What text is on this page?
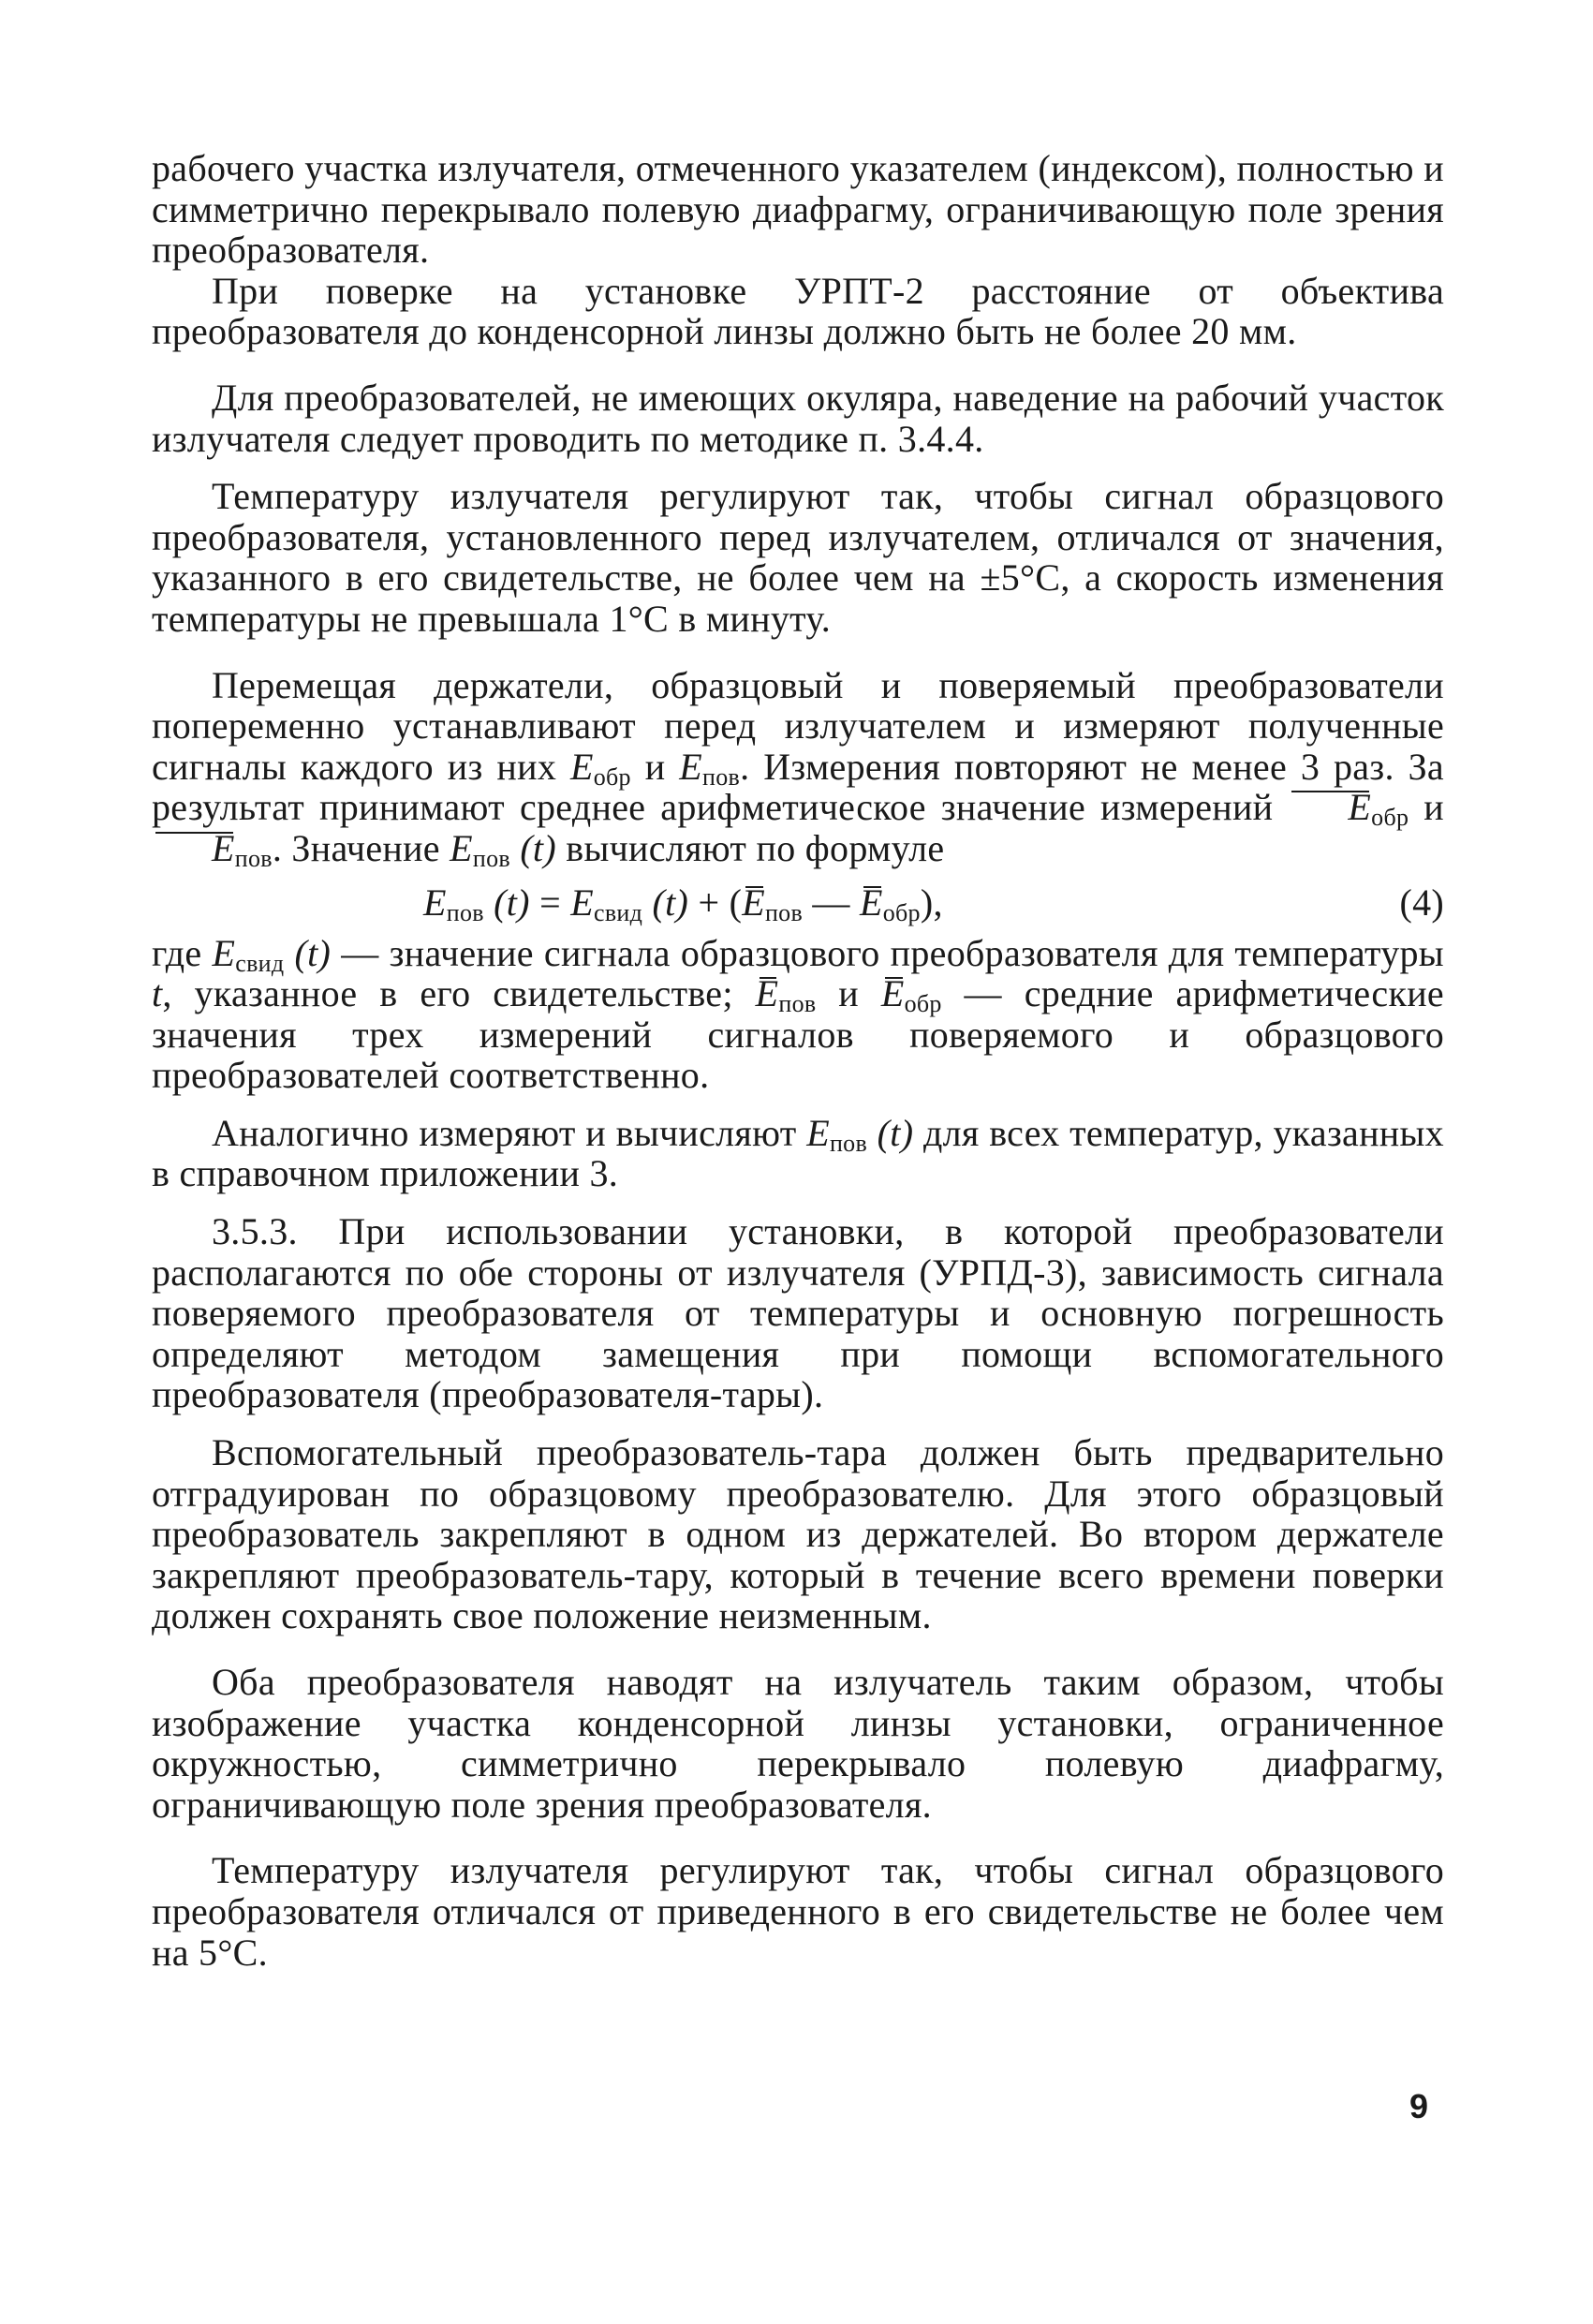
рабочего участка излучателя, отмеченного указателем (индексом), полностью и симметрично перекрывало полевую диафрагму, ограничивающую поле зрения преобразователя.

При поверке на установке УРПТ-2 расстояние от объектива преобразователя до конденсорной линзы должно быть не более 20 мм.

Для преобразователей, не имеющих окуляра, наведение на рабочий участок излучателя следует проводить по методике п. 3.4.4.

Температуру излучателя регулируют так, чтобы сигнал образцового преобразователя, установленного перед излучателем, отличался от значения, указанного в его свидетельстве, не более чем на ±5°С, а скорость изменения температуры не превышала 1°С в минуту.

Перемещая держатели, образцовый и поверяемый преобразователи попеременно устанавливают перед излучателем и измеряют полученные сигналы каждого из них $E_{обр}$ и $E_{пов}$. Измерения повторяют не менее 3 раз. За результат принимают среднее арифметическое значение измерений $E_{обр}$ и $E_{пов}$. Значение $E_{пов}$ (t) вычисляют по формуле

$E_{пов}$ $(t) = E_{свид}$ $(t) + (E_{пов}$ — $E_{обр}$),	(4)

где $E_{свид}$ (t) — значение сигнала образцового преобразователя для температуры t, указанное в его свидетельстве; $E_{пов}$ и $E_{обр}$ — средние арифметические значения трех измерений сигналов поверяемого и образцового преобразователей соответственно.

Аналогично измеряют и вычисляют $E_{пов}$ (t) для всех температур, указанных в справочном приложении 3.

3.5.3. При использовании установки, в которой преобразователи располагаются по обе стороны от излучателя (УРПД-3), зависимость сигнала поверяемого преобразователя от температуры и основную погрешность определяют методом замещения при помощи вспомогательного преобразователя (преобразователя-тары).

Вспомогательный преобразователь-тара должен быть предварительно отградуирован по образцовому преобразователю. Для этого образцовый преобразователь закрепляют в одном из держателей. Во втором держателе закрепляют преобразователь-тару, который в течение всего времени поверки должен сохранять свое положение неизменным.

Оба преобразователя наводят на излучатель таким образом, чтобы изображение участка конденсорной линзы установки, ограниченное окружностью, симметрично перекрывало полевую диафрагму, ограничивающую поле зрения преобразователя.

Температуру излучателя регулируют так, чтобы сигнал образцового преобразователя отличался от приведенного в его свидетельстве не более чем на 5°С.

9
